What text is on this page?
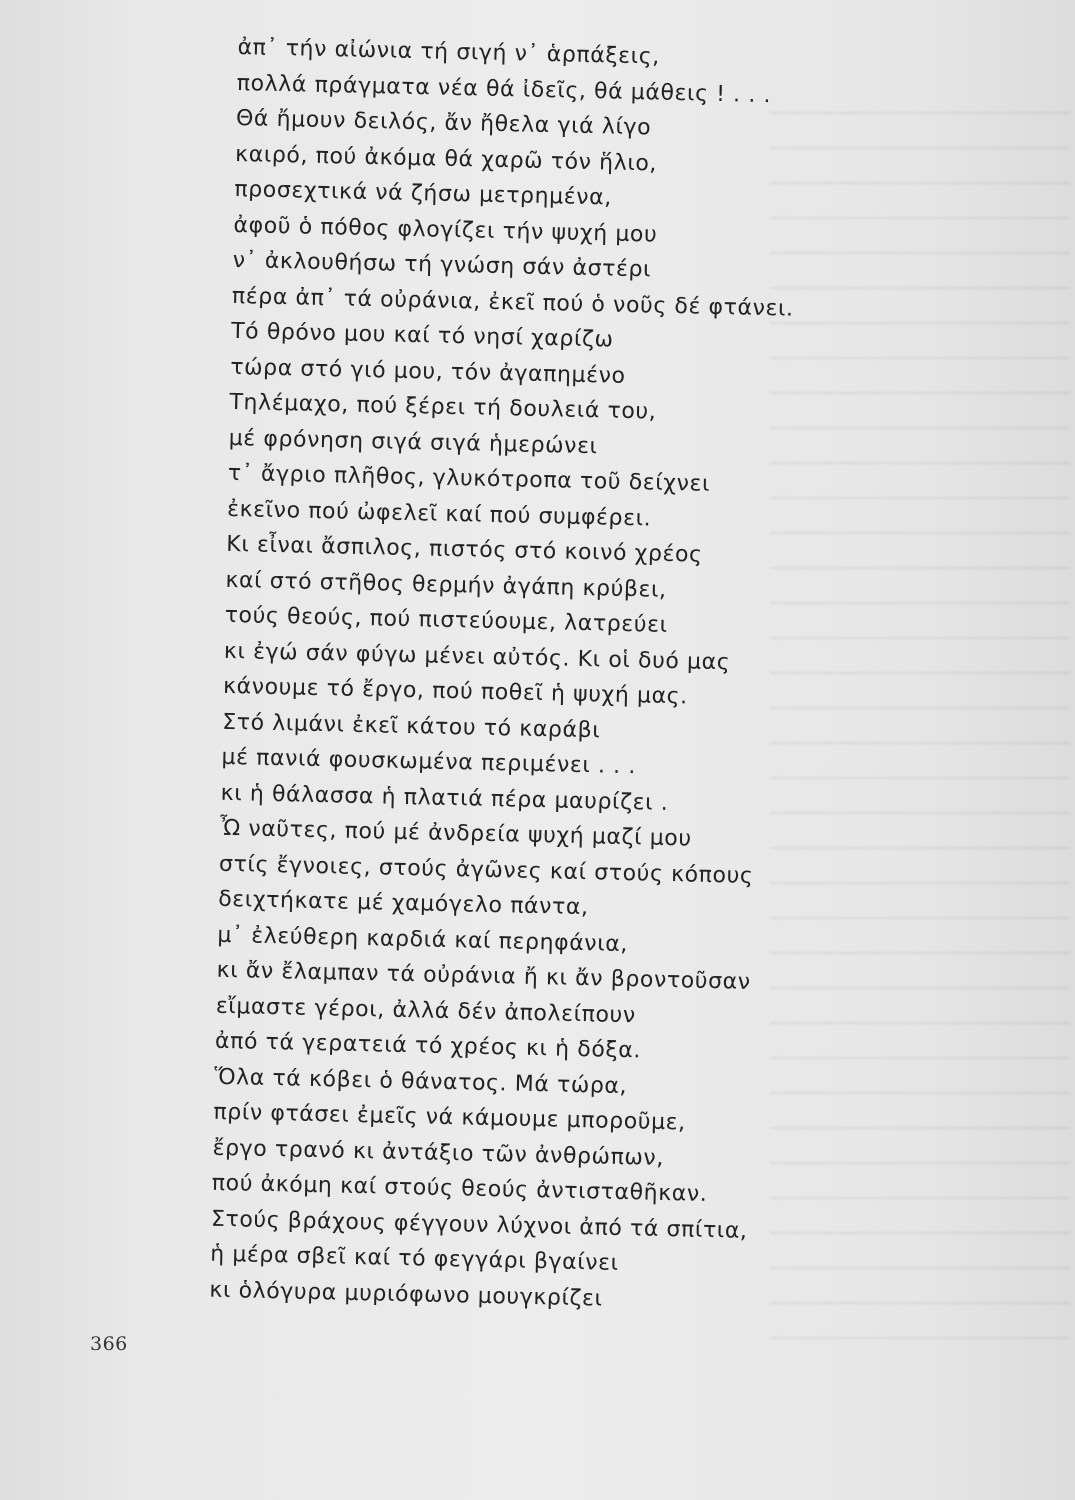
ἀπ᾽ τήν αἰώνια τή σιγή ν᾽ ἁρπάξεις,
πολλά πράγματα νέα θά ἰδεῖς, θά μάθεις ! . . .
Θά ἤμουν δειλός, ἄν ἤθελα γιά λίγο
καιρό, πού ἀκόμα θά χαρῶ τόν ἥλιο,
προσεχτικά νά ζήσω μετρημένα,
ἀφοῦ ὁ πόθος φλογίζει τήν ψυχή μου
ν᾽ ἀκλουθήσω τή γνώση σάν ἀστέρι
πέρα ἀπ᾽ τά οὐράνια, ἐκεῖ πού ὁ νοῦς δέ φτάνει.
Τό θρόνο μου καί τό νησί χαρίζω
τώρα στό γιό μου, τόν ἀγαπημένο
Τηλέμαχο, πού ξέρει τή δουλειά του,
μέ φρόνηση σιγά σιγά ἡμερώνει
τ᾽ ἄγριο πλῆθος, γλυκότροπα τοῦ δείχνει
ἐκεῖνο πού ὠφελεῖ καί πού συμφέρει.
Κι εἶναι ἄσπιλος, πιστός στό κοινό χρέος
καί στό στῆθος θερμήν ἀγάπη κρύβει,
τούς θεούς, πού πιστεύουμε, λατρεύει
κι ἐγώ σάν φύγω μένει αὐτός. Κι οἱ δυό μας
κάνουμε τό ἔργο, πού ποθεῖ ἡ ψυχή μας.
Στό λιμάνι ἐκεῖ κάτου τό καράβι
μέ πανιά φουσκωμένα περιμένει . . .
κι ἡ θάλασσα ἡ πλατιά πέρα μαυρίζει .
Ὦ ναῦτες, πού μέ ἀνδρεία ψυχή μαζί μου
στίς ἔγνοιες, στούς ἀγῶνες καί στούς κόπους
δειχτήκατε μέ χαμόγελο πάντα,
μ᾽ ἐλεύθερη καρδιά καί περηφάνια,
κι ἄν ἔλαμπαν τά οὐράνια ἤ κι ἄν βροντοῦσαν
εἴμαστε γέροι, ἀλλά δέν ἀπολείπουν
ἀπό τά γερατειά τό χρέος κι ἡ δόξα.
Ὅλα τά κόβει ὁ θάνατος. Μά τώρα,
πρίν φτάσει ἐμεῖς νά κάμουμε μποροῦμε,
ἔργο τρανό κι ἀντάξιο τῶν ἀνθρώπων,
πού ἀκόμη καί στούς θεούς ἀντισταθῆκαν.
Στούς βράχους φέγγουν λύχνοι ἀπό τά σπίτια,
ἡ μέρα σβεῖ καί τό φεγγάρι βγαίνει
κι ὁλόγυρα μυριόφωνο μουγκρίζει
366
